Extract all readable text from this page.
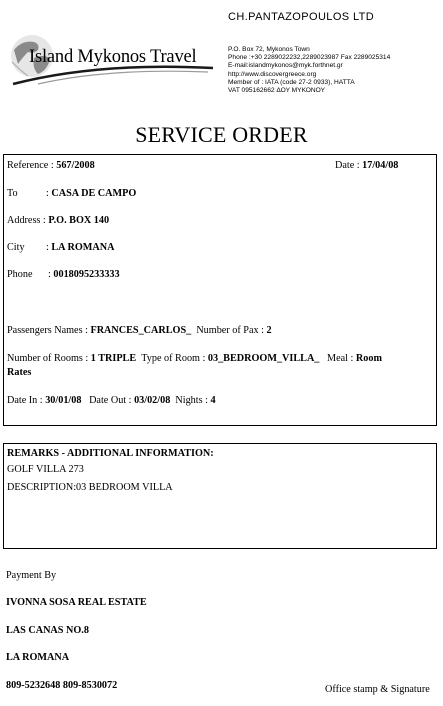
CH.PANTAZOPOULOS LTD
Island Mykonos Travel	P.O. Box 72, Mykonos Town
Phone :+30 2289022232,2289023987 Fax 2289025314
E-mail:islandmykonos@myk.forthnet.gr
http://www.discovergreece.org
Member of : IATA (code 27-2 0933), HATTA
VAT 095162662 ΔΟΥ ΜΥΚΟΝΟΥ
SERVICE ORDER
Reference : 567/2008	Date : 17/04/08
To	: CASA DE CAMPO
Address : P.O. BOX 140
City : LA ROMANA
Phone : 0018095233333
Passengers Names : FRANCES_CARLOS_ Number of Pax : 2
Number of Rooms : 1 TRIPLE Type of Room : 03_BEDROOM_VILLA_ Meal : Room
Rates
Date In : 30/01/08 Date Out : 03/02/08 Nights : 4
REMARKS - ADDITIONAL INFORMATION:
GOLF VILLA 273
DESCRIPTION:03 BEDROOM VILLA
Payment By
IVONNA SOSA REAL ESTATE
LAS CANAS NO.8
LA ROMANA
809-5232648 809-8530072	Office stamp & Signature
